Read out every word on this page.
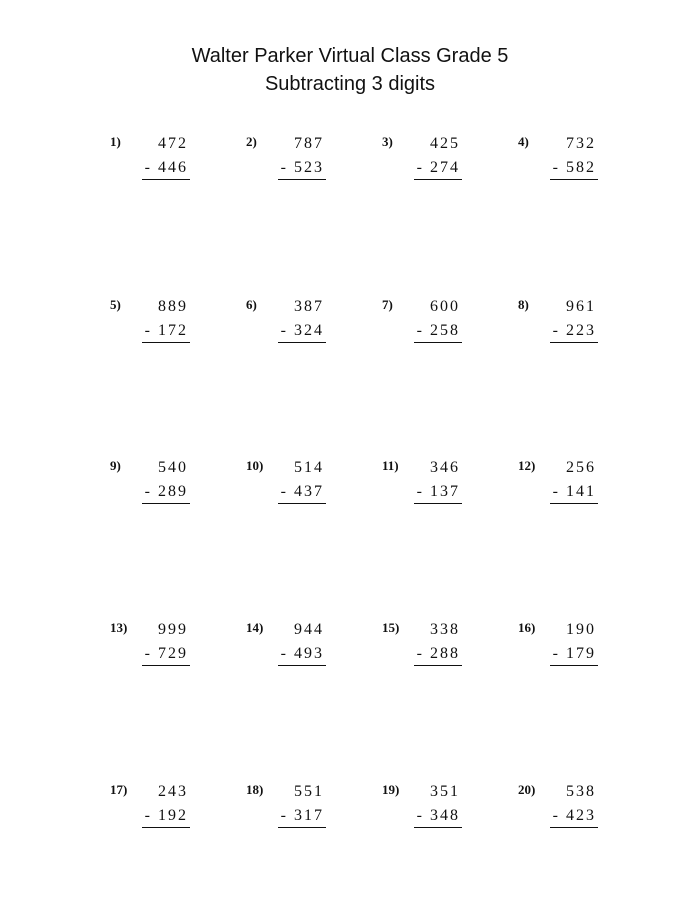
Walter Parker Virtual Class Grade 5
Subtracting 3 digits
1)	472
- 446
2)	787
- 523
3)	425
- 274
4)	732
- 582
5)	889
- 172
6)	387
- 324
7)	600
- 258
8)	961
- 223
9)	540
- 289
10)	514
- 437
11)	346
- 137
12)	256
- 141
13)	999
- 729
14)	944
- 493
15)	338
- 288
16)	190
- 179
17)	243
- 192
18)	551
- 317
19)	351
- 348
20)	538
- 423
